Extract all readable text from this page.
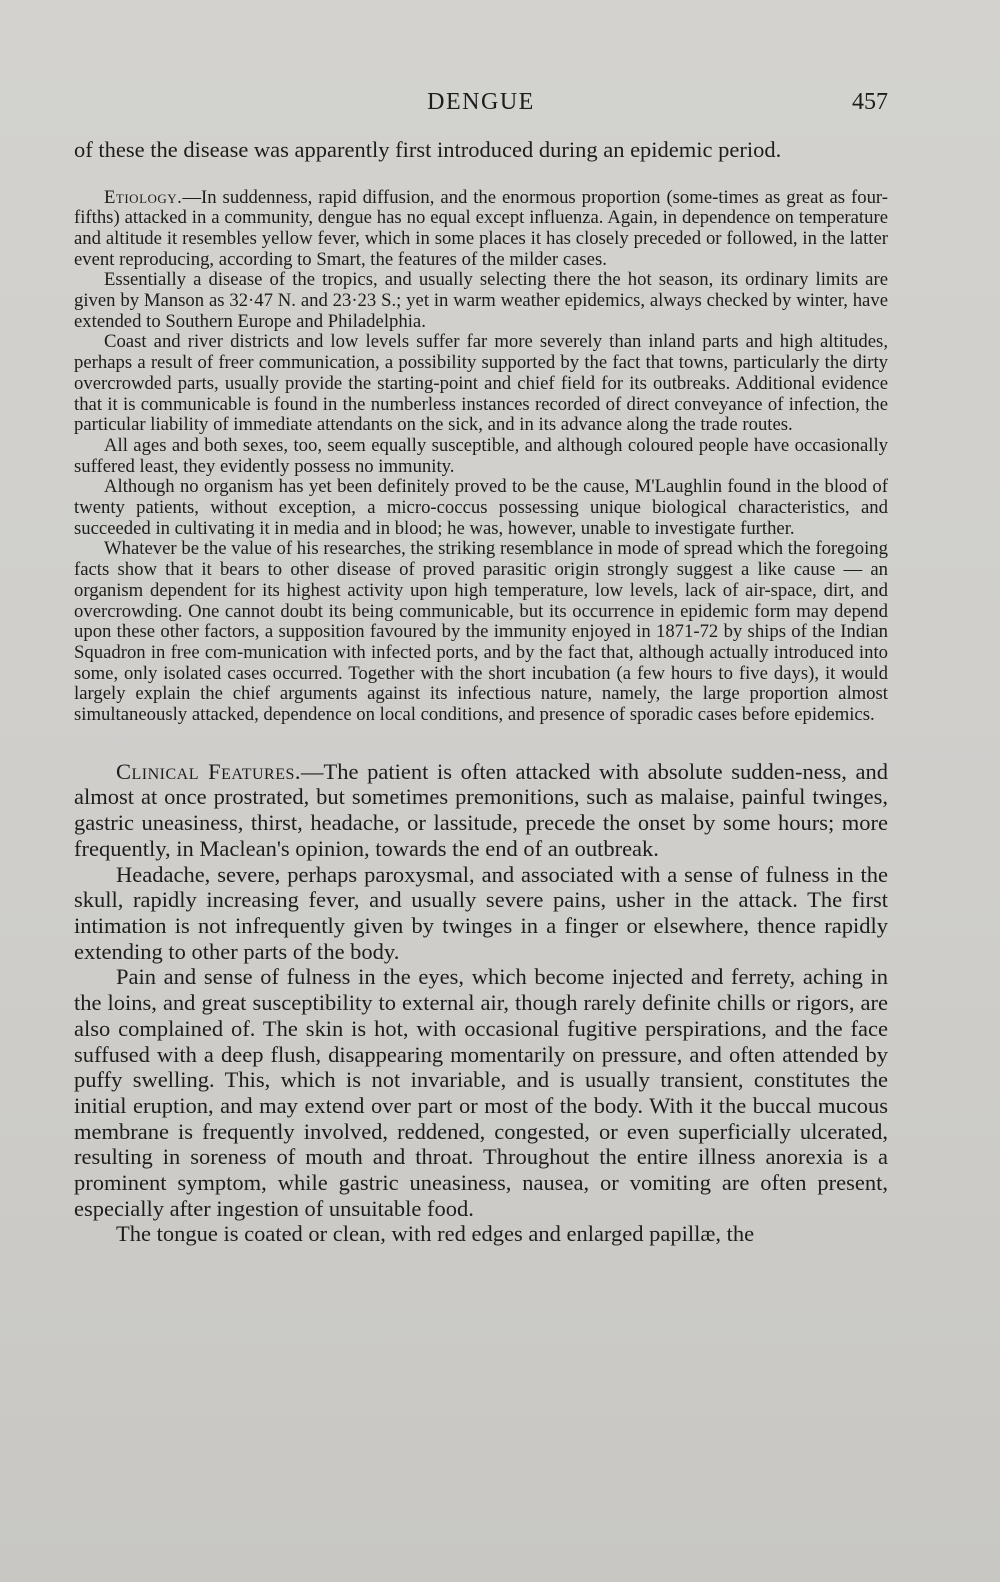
DENGUE	457

of these the disease was apparently first introduced during an epidemic period.

Etiology.—In suddenness, rapid diffusion, and the enormous proportion (some-times as great as four-fifths) attacked in a community, dengue has no equal except influenza. Again, in dependence on temperature and altitude it resembles yellow fever, which in some places it has closely preceded or followed, in the latter event reproducing, according to Smart, the features of the milder cases.

Essentially a disease of the tropics, and usually selecting there the hot season, its ordinary limits are given by Manson as 32·47 N. and 23·23 S.; yet in warm weather epidemics, always checked by winter, have extended to Southern Europe and Philadelphia.

Coast and river districts and low levels suffer far more severely than inland parts and high altitudes, perhaps a result of freer communication, a possibility supported by the fact that towns, particularly the dirty overcrowded parts, usually provide the starting-point and chief field for its outbreaks. Additional evidence that it is communicable is found in the numberless instances recorded of direct conveyance of infection, the particular liability of immediate attendants on the sick, and in its advance along the trade routes.

All ages and both sexes, too, seem equally susceptible, and although coloured people have occasionally suffered least, they evidently possess no immunity.

Although no organism has yet been definitely proved to be the cause, M'Laughlin found in the blood of twenty patients, without exception, a micro-coccus possessing unique biological characteristics, and succeeded in cultivating it in media and in blood; he was, however, unable to investigate further.

Whatever be the value of his researches, the striking resemblance in mode of spread which the foregoing facts show that it bears to other disease of proved parasitic origin strongly suggest a like cause — an organism dependent for its highest activity upon high temperature, low levels, lack of air-space, dirt, and overcrowding. One cannot doubt its being communicable, but its occurrence in epidemic form may depend upon these other factors, a supposition favoured by the immunity enjoyed in 1871-72 by ships of the Indian Squadron in free com-munication with infected ports, and by the fact that, although actually introduced into some, only isolated cases occurred. Together with the short incubation (a few hours to five days), it would largely explain the chief arguments against its infectious nature, namely, the large proportion almost simultaneously attacked, dependence on local conditions, and presence of sporadic cases before epidemics.

Clinical Features.—The patient is often attacked with absolute sudden-ness, and almost at once prostrated, but sometimes premonitions, such as malaise, painful twinges, gastric uneasiness, thirst, headache, or lassitude, precede the onset by some hours; more frequently, in Maclean's opinion, towards the end of an outbreak.

Headache, severe, perhaps paroxysmal, and associated with a sense of fulness in the skull, rapidly increasing fever, and usually severe pains, usher in the attack. The first intimation is not infrequently given by twinges in a finger or elsewhere, thence rapidly extending to other parts of the body.

Pain and sense of fulness in the eyes, which become injected and ferrety, aching in the loins, and great susceptibility to external air, though rarely definite chills or rigors, are also complained of. The skin is hot, with occasional fugitive perspirations, and the face suffused with a deep flush, disappearing momentarily on pressure, and often attended by puffy swelling. This, which is not invariable, and is usually transient, constitutes the initial eruption, and may extend over part or most of the body. With it the buccal mucous membrane is frequently involved, reddened, congested, or even superficially ulcerated, resulting in soreness of mouth and throat. Throughout the entire illness anorexia is a prominent symptom, while gastric uneasiness, nausea, or vomiting are often present, especially after ingestion of unsuitable food.

The tongue is coated or clean, with red edges and enlarged papillæ, the
